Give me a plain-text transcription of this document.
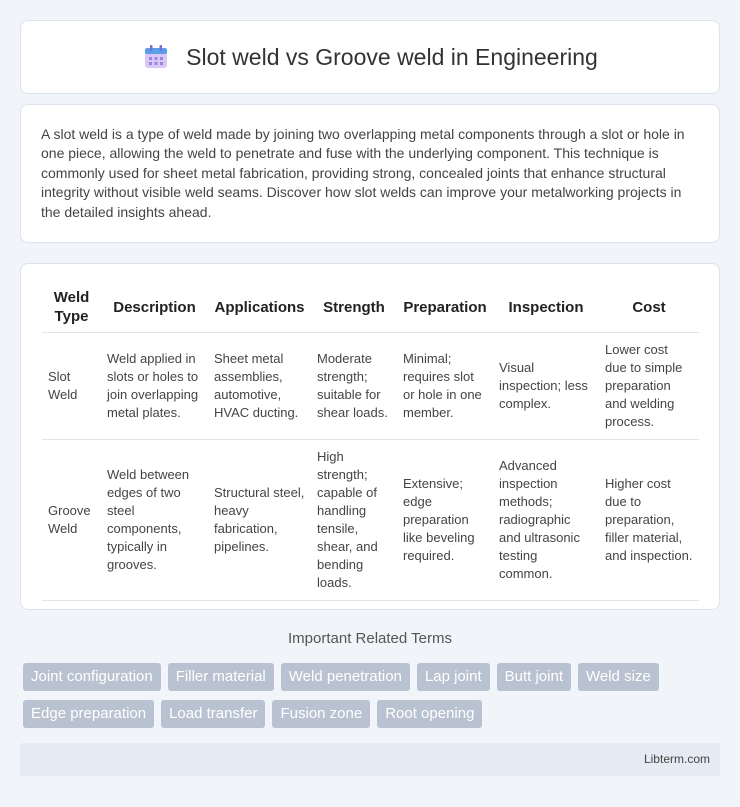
Slot weld vs Groove weld in Engineering

A slot weld is a type of weld made by joining two overlapping metal components through a slot or hole in one piece, allowing the weld to penetrate and fuse with the underlying component. This technique is commonly used for sheet metal fabrication, providing strong, concealed joints that enhance structural integrity without visible weld seams. Discover how slot welds can improve your metalworking projects in the detailed insights ahead.

Weld Type	Description	Applications	Strength	Preparation	Inspection	Cost
Slot Weld	Weld applied in slots or holes to join overlapping metal plates.	Sheet metal assemblies, automotive, HVAC ducting.	Moderate strength; suitable for shear loads.	Minimal; requires slot or hole in one member.	Visual inspection; less complex.	Lower cost due to simple preparation and welding process.
Groove Weld	Weld between edges of two steel components, typically in grooves.	Structural steel, heavy fabrication, pipelines.	High strength; capable of handling tensile, shear, and bending loads.	Extensive; edge preparation like beveling required.	Advanced inspection methods; radiographic and ultrasonic testing common.	Higher cost due to preparation, filler material, and inspection.
Important Related Terms
Joint configuration	Filler material	Weld penetration	Lap joint	Butt joint	Weld size
Edge preparation	Load transfer	Fusion zone	Root opening
Libterm.com
